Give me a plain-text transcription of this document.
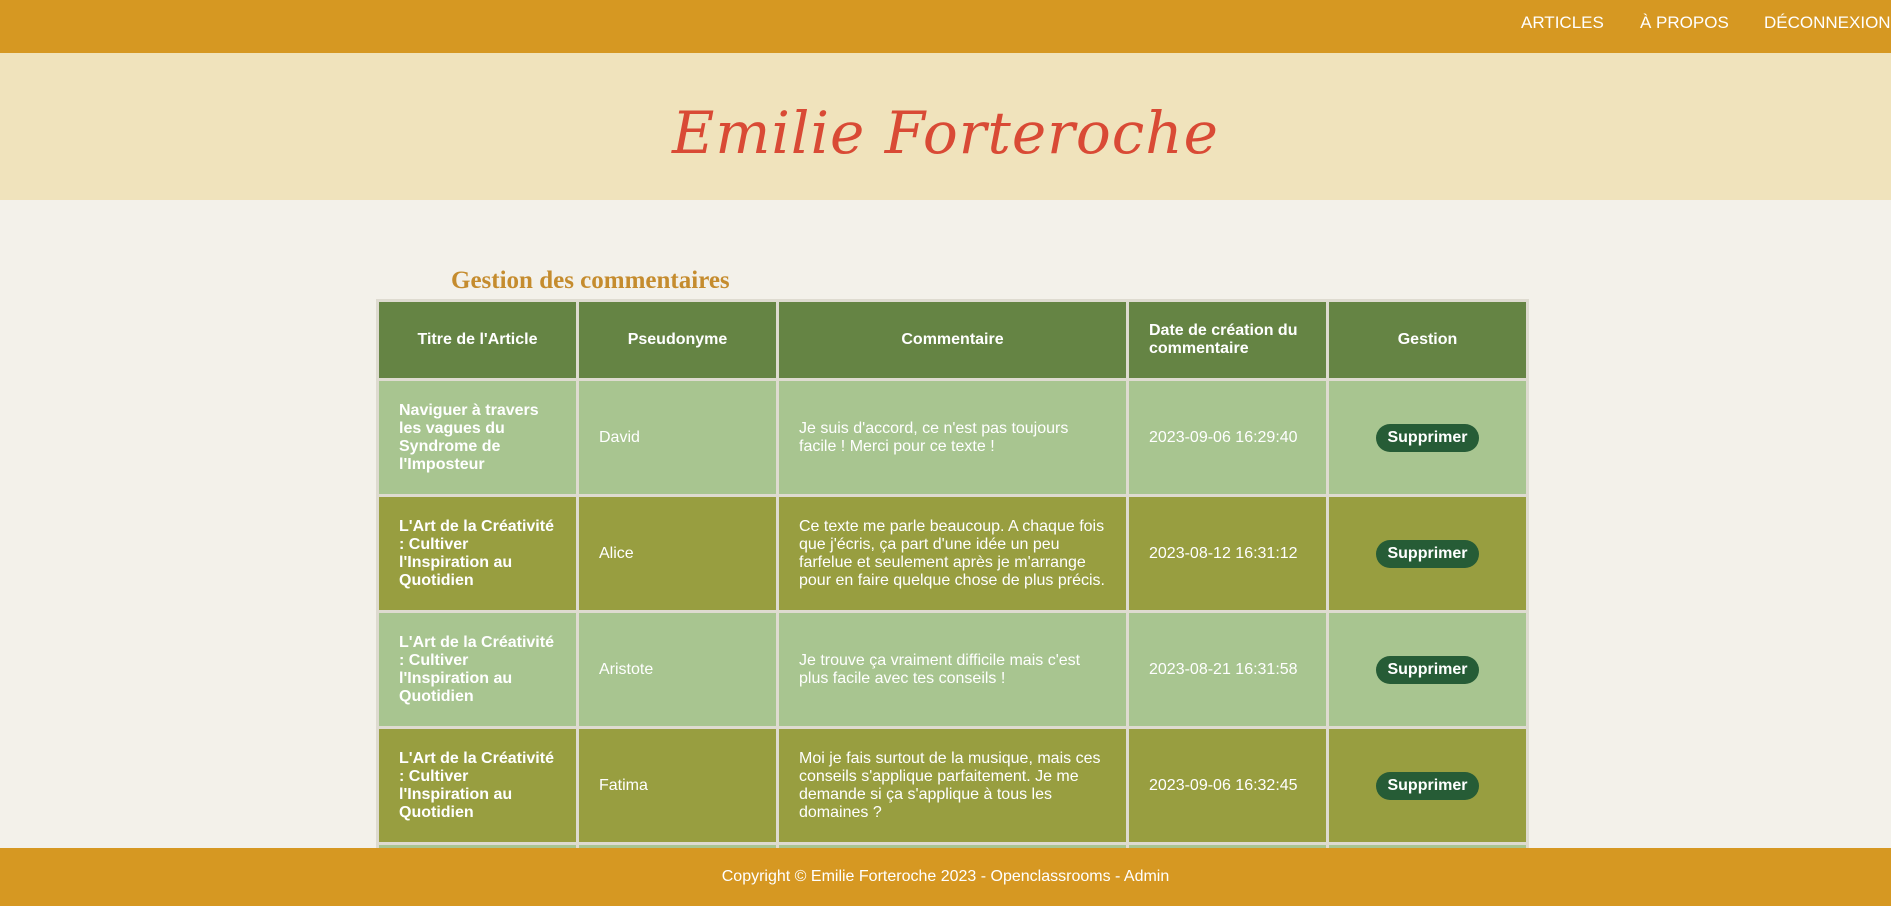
ARTICLES À PROPOS DÉCONNEXION
Emilie Forteroche
Gestion des commentaires
Titre de l'Article	Pseudonyme	Commentaire	Date de création du commentaire	Gestion
Naviguer à travers les vagues du Syndrome de l'Imposteur	David	Je suis d'accord, ce n'est pas toujours facile ! Merci pour ce texte !	2023-09-06 16:29:40	Supprimer
L'Art de la Créativité : Cultiver l'Inspiration au Quotidien	Alice	Ce texte me parle beaucoup. A chaque fois que j'écris, ça part d'une idée un peu farfelue et seulement après je m'arrange pour en faire quelque chose de plus précis.	2023-08-12 16:31:12	Supprimer
L'Art de la Créativité : Cultiver l'Inspiration au Quotidien	Aristote	Je trouve ça vraiment difficile mais c'est plus facile avec tes conseils !	2023-08-21 16:31:58	Supprimer
L'Art de la Créativité : Cultiver l'Inspiration au Quotidien	Fatima	Moi je fais surtout de la musique, mais ces conseils s'applique parfaitement. Je me demande si ça s'applique à tous les domaines ?	2023-09-06 16:32:45	Supprimer

Copyright © Emilie Forteroche 2023 - Openclassrooms - Admin
